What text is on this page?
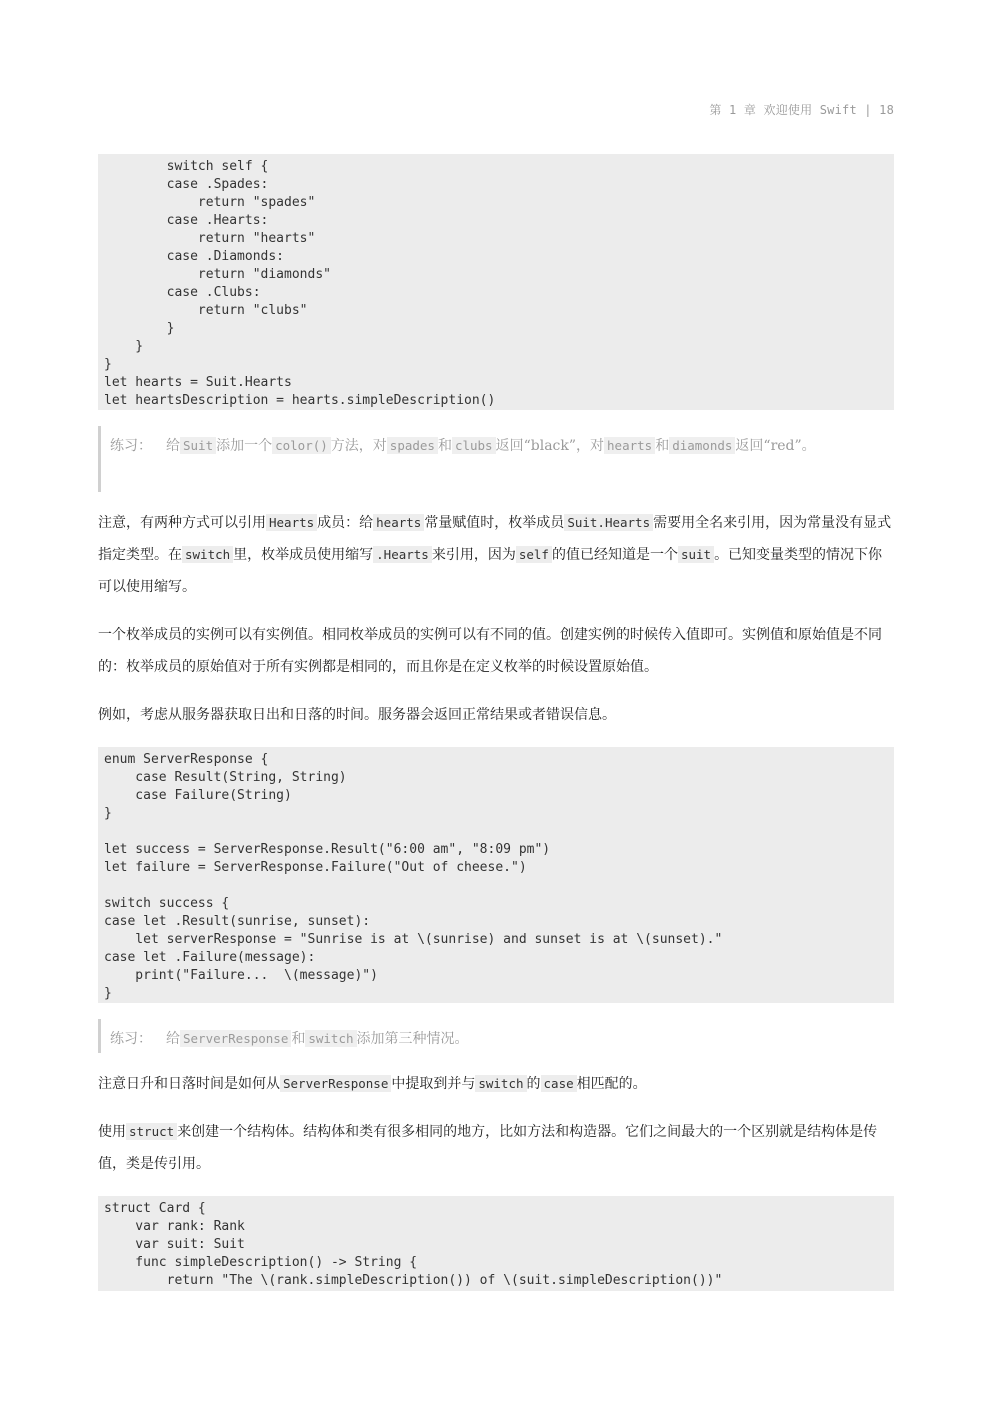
第 1 章 欢迎使用 Swift | 18
switch self {
case .Spades:
return "spades"
case .Hearts:
return "hearts"
case .Diamonds:
return "diamonds"
case .Clubs:
return "clubs"
}
}
}
let hearts = Suit.Hearts
let heartsDescription = hearts.simpleDescription()
练习： 给 Suit 添加一个 color() 方法，对 spades 和 clubs 返回“black”，对 hearts 和 diamonds 返回“red”。

注意，有两种方式可以引用 Hearts 成员：给 hearts 常量赋值时，枚举成员 Suit.Hearts 需要用全名来引用，因为常量没有显式指定类型。在 switch 里，枚举成员使用缩写 .Hearts 来引用，因为 self 的值已经知道是一个 suit 。已知变量类型的情况下你可以使用缩写。

一个枚举成员的实例可以有实例值。相同枚举成员的实例可以有不同的值。创建实例的时候传入值即可。实例值和原始值是不同的：枚举成员的原始值对于所有实例都是相同的，而且你是在定义枚举的时候设置原始值。

例如，考虑从服务器获取日出和日落的时间。服务器会返回正常结果或者错误信息。

enum ServerResponse {
case Result(String, String)
case Failure(String)
}

let success = ServerResponse.Result("6:00 am", "8:09 pm")
let failure = ServerResponse.Failure("Out of cheese.")

switch success {
case let .Result(sunrise, sunset):
let serverResponse = "Sunrise is at \(sunrise) and sunset is at \(sunset)."
case let .Failure(message):
print("Failure...  \(message)")
}
练习： 给 ServerResponse 和 switch 添加第三种情况。

注意日升和日落时间是如何从 ServerResponse 中提取到并与 switch 的 case 相匹配的。

使用 struct 来创建一个结构体。结构体和类有很多相同的地方，比如方法和构造器。它们之间最大的一个区别就是结构体是传值，类是传引用。

struct Card {
var rank: Rank
var suit: Suit
func simpleDescription() -> String {
return "The \(rank.simpleDescription()) of \(suit.simpleDescription())"
